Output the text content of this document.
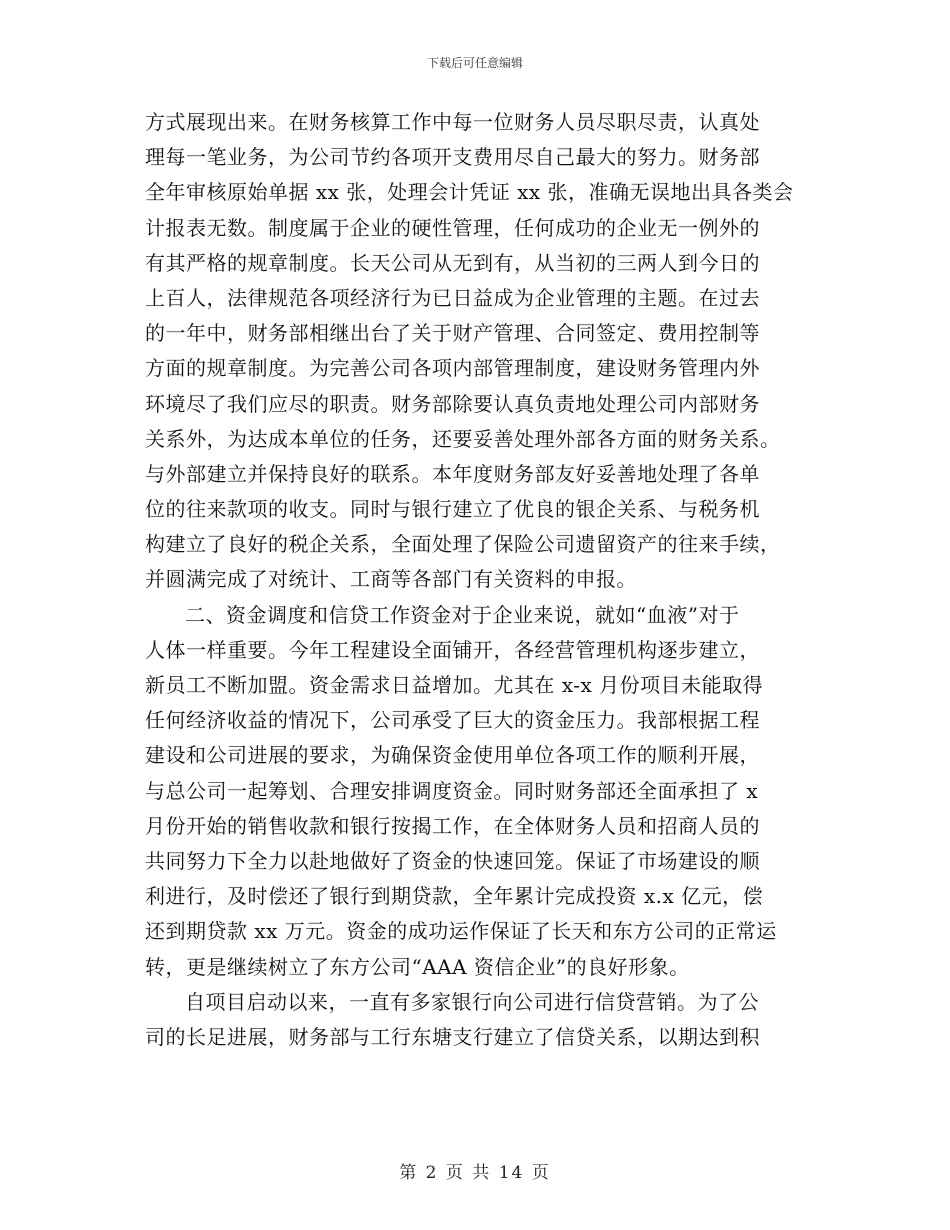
下载后可任意编辑
方式展现出来。在财务核算工作中每一位财务人员尽职尽责，认真处
理每一笔业务，为公司节约各项开支费用尽自己最大的努力。财务部
全年审核原始单据 xx 张，处理会计凭证 xx 张，准确无误地出具各类会
计报表无数。制度属于企业的硬性管理，任何成功的企业无一例外的
有其严格的规章制度。长天公司从无到有，从当初的三两人到今日的
上百人，法律规范各项经济行为已日益成为企业管理的主题。在过去
的一年中，财务部相继出台了关于财产管理、合同签定、费用控制等
方面的规章制度。为完善公司各项内部管理制度，建设财务管理内外
环境尽了我们应尽的职责。财务部除要认真负责地处理公司内部财务
关系外，为达成本单位的任务，还要妥善处理外部各方面的财务关系。
与外部建立并保持良好的联系。本年度财务部友好妥善地处理了各单
位的往来款项的收支。同时与银行建立了优良的银企关系、与税务机
构建立了良好的税企关系，全面处理了保险公司遗留资产的往来手续，
并圆满完成了对统计、工商等各部门有关资料的申报。
二、资金调度和信贷工作资金对于企业来说，就如“血液”对于
人体一样重要。今年工程建设全面铺开，各经营管理机构逐步建立，
新员工不断加盟。资金需求日益增加。尤其在 x-x 月份项目未能取得
任何经济收益的情况下，公司承受了巨大的资金压力。我部根据工程
建设和公司进展的要求，为确保资金使用单位各项工作的顺利开展，
与总公司一起筹划、合理安排调度资金。同时财务部还全面承担了 x
月份开始的销售收款和银行按揭工作，在全体财务人员和招商人员的
共同努力下全力以赴地做好了资金的快速回笼。保证了市场建设的顺
利进行，及时偿还了银行到期贷款，全年累计完成投资 x.x 亿元，偿
还到期贷款 xx 万元。资金的成功运作保证了长天和东方公司的正常运
转，更是继续树立了东方公司“AAA 资信企业”的良好形象。
自项目启动以来，一直有多家银行向公司进行信贷营销。为了公
司的长足进展，财务部与工行东塘支行建立了信贷关系，以期达到积
第 2 页 共 14 页
